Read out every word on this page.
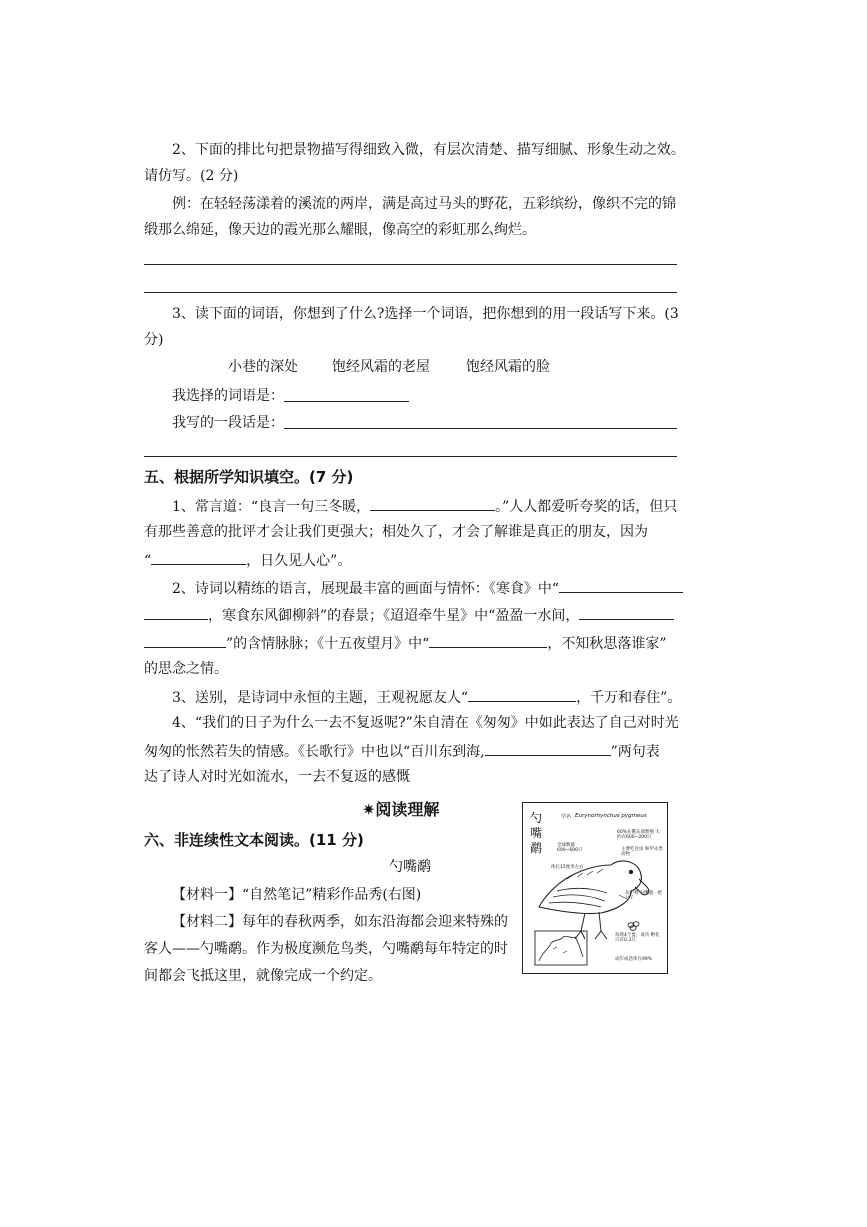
2、下面的排比句把景物描写得细致入微，有层次清楚、描写细腻、形象生动之效。
请仿写。(2 分)
例：在轻轻荡漾着的溪流的两岸，满是高过马头的野花，五彩缤纷，像织不完的锦
缎那么绵延，像天边的霞光那么耀眼，像高空的彩虹那么绚烂。
3、读下面的词语，你想到了什么?选择一个词语，把你想到的用一段话写下来。(3
分)
小巷的深处 饱经风霜的老屋	饱经风霜的脸
我选择的词语是：
我写的一段话是：
五、根据所学知识填空。(7 分)
1、常言道：“良言一句三冬暖，	。”人人都爱听夸奖的话，但只
有那些善意的批评才会让我们更强大；相处久了，才会了解谁是真正的朋友，因为
“	，日久见人心”。
2、诗词以精练的语言，展现最丰富的画面与情怀：《寒食》中“
，寒食东风御柳斜”的春景；《迢迢牵牛星》中“盈盈一水间，
”的含情脉脉；《十五夜望月》中“	，不知秋思落谁家”
的思念之情。
3、送别，是诗词中永恒的主题，王观祝愿友人“	，千万和春住”。
4、“我们的日子为什么一去不复返呢?”朱自清在《匆匆》中如此表达了自己对时光
匆匆的怅然若失的情感。《长歌行》中也以“百川东到海,	”两句表
达了诗人对时光如流水，一去不复返的感慨
✷阅读理解
六、非连续性文本阅读。(11 分)
勺嘴鹬
【材料一】“自然笔记”精彩作品秀(右图)
【材料二】每年的春秋两季，如东沿海都会迎来特殊的
客人——勺嘴鹬。作为极度濒危鸟类，勺嘴鹬每年特定的时
间都会飞抵这里，就像完成一个约定。
勺嘴鹬
学名 Eurynorhynchus pygmeus
60%在俄东部繁殖 大约有600~200只
全球数量 600~600只	主要吃昆虫 和甲壳类动物
体长15厘米左右
从护我 勺嘴就一把勺子
每窝4个蛋，成功 孵化只有0.3只
成年成活率在99%
